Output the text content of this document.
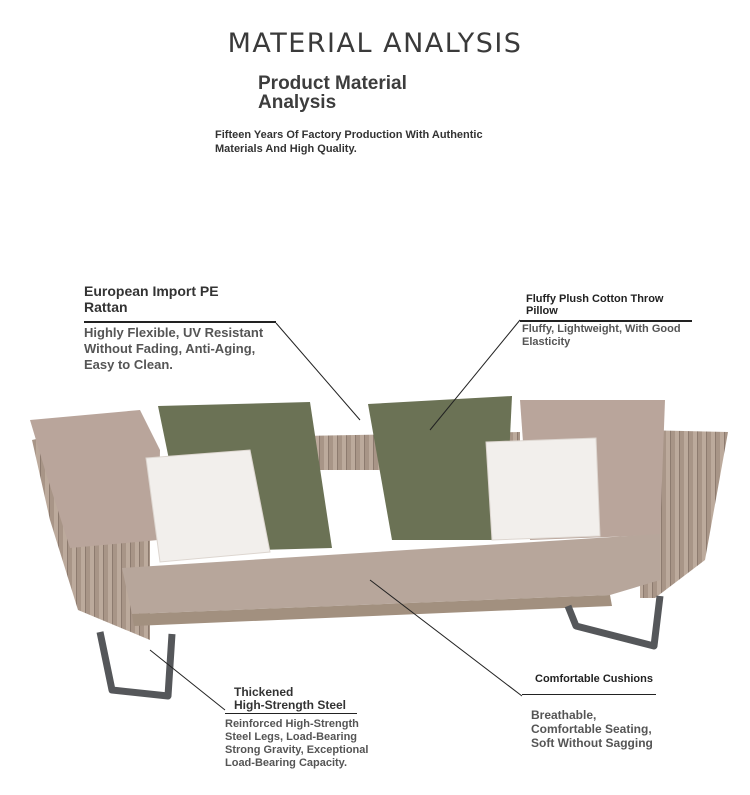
MATERIAL ANALYSIS
Product Material
Analysis
Fifteen Years Of Factory Production With Authentic
Materials And High Quality.
European Import PE
Rattan
Highly Flexible, UV Resistant
Without Fading, Anti-Aging,
Easy to Clean.
Fluffy Plush Cotton Throw
Pillow
Fluffy, Lightweight, With Good
Elasticity
Thickened
High-Strength Steel
Reinforced High-Strength
Steel Legs, Load-Bearing
Strong Gravity, Exceptional
Load-Bearing Capacity.
Comfortable Cushions
Breathable,
Comfortable Seating,
Soft Without Sagging
